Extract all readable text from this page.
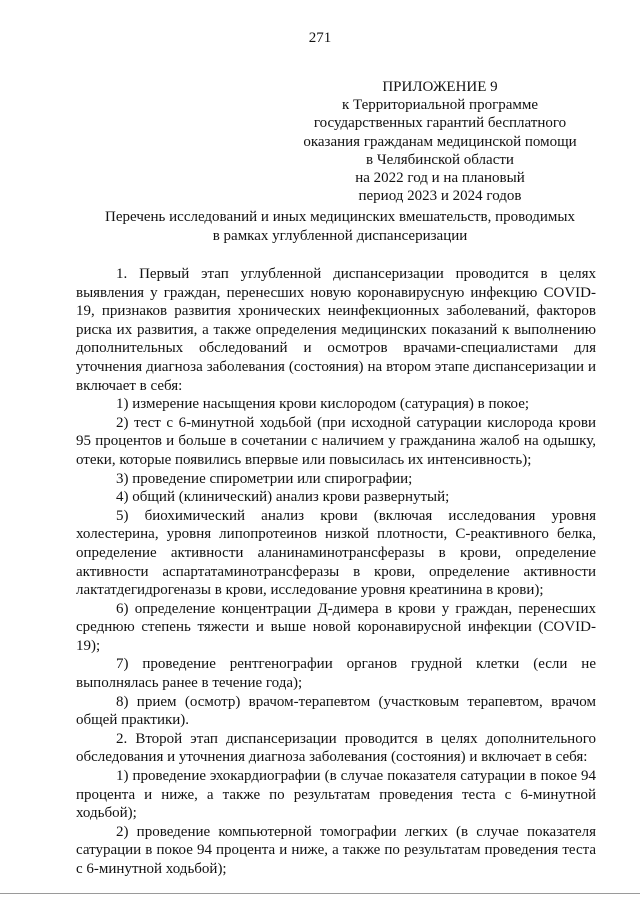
271
ПРИЛОЖЕНИЕ 9
к Территориальной программе
государственных гарантий бесплатного
оказания гражданам медицинской помощи
в Челябинской области
на 2022 год и на плановый
период 2023 и 2024 годов
Перечень исследований и иных медицинских вмешательств, проводимых
в рамках углубленной диспансеризации

1. Первый этап углубленной диспансеризации проводится в целях выявления у граждан, перенесших новую коронавирусную инфекцию COVID-19, признаков развития хронических неинфекционных заболеваний, факторов риска их развития, а также определения медицинских показаний к выполнению дополнительных обследований и осмотров врачами-специалистами для уточнения диагноза заболевания (состояния) на втором этапе диспансеризации и включает в себя:

1) измерение насыщения крови кислородом (сатурация) в покое;

2) тест с 6-минутной ходьбой (при исходной сатурации кислорода крови 95 процентов и больше в сочетании с наличием у гражданина жалоб на одышку, отеки, которые появились впервые или повысилась их интенсивность);

3) проведение спирометрии или спирографии;

4) общий (клинический) анализ крови развернутый;

5) биохимический анализ крови (включая исследования уровня холестерина, уровня липопротеинов низкой плотности, С-реактивного белка, определение активности аланинаминотрансферазы в крови, определение активности аспартатаминотрансферазы в крови, определение активности лактатдегидрогеназы в крови, исследование уровня креатинина в крови);

6) определение концентрации Д-димера в крови у граждан, перенесших среднюю степень тяжести и выше новой коронавирусной инфекции (COVID-19);

7) проведение рентгенографии органов грудной клетки (если не выполнялась ранее в течение года);

8) прием (осмотр) врачом-терапевтом (участковым терапевтом, врачом общей практики).

2. Второй этап диспансеризации проводится в целях дополнительного обследования и уточнения диагноза заболевания (состояния) и включает в себя:

1) проведение эхокардиографии (в случае показателя сатурации в покое 94 процента и ниже, а также по результатам проведения теста с 6-минутной ходьбой);

2) проведение компьютерной томографии легких (в случае показателя сатурации в покое 94 процента и ниже, а также по результатам проведения теста с 6-минутной ходьбой);
